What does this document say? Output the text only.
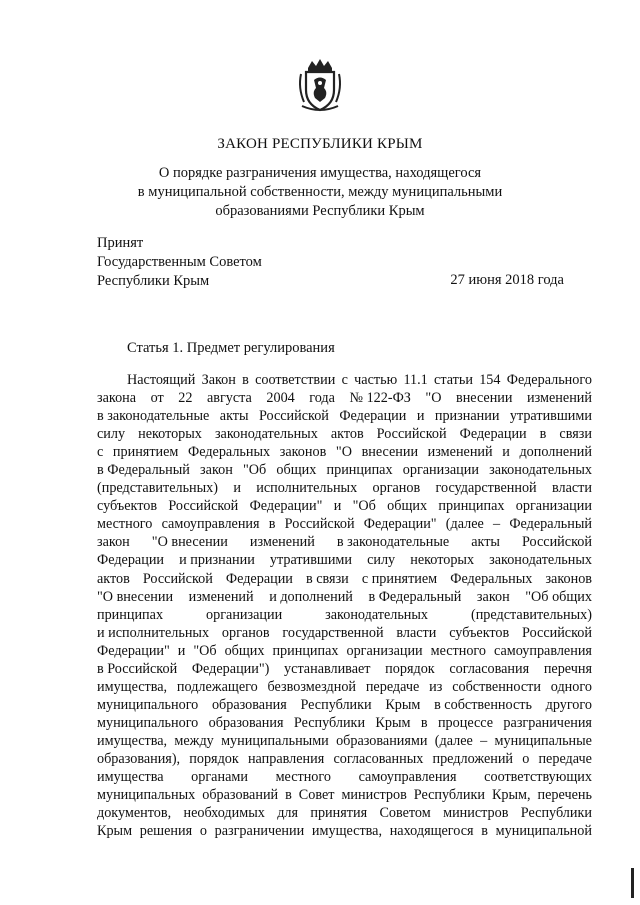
ЗАКОН РЕСПУБЛИКИ КРЫМ
О порядке разграничения имущества, находящегося
в муниципальной собственности, между муниципальными
образованиями Республики Крым
Принят
Государственным Советом
Республики Крым	27 июня 2018 года
Статья 1. Предмет регулирования
Настоящий Закон в соответствии с частью 11.1 статьи 154 Федерального
закона от 22 августа 2004 года № 122-ФЗ "О внесении изменений
в законодательные акты Российской Федерации и признании утратившими
силу некоторых законодательных актов Российской Федерации в связи
с принятием Федеральных законов "О внесении изменений и дополнений
в Федеральный закон "Об общих принципах организации законодательных
(представительных) и исполнительных органов государственной власти
субъектов Российской Федерации" и "Об общих принципах организации
местного самоуправления в Российской Федерации" (далее – Федеральный
закон "О внесении изменений в законодательные акты Российской
Федерации и признании утратившими силу некоторых законодательных
актов Российской Федерации в связи с принятием Федеральных законов
"О внесении изменений и дополнений в Федеральный закон "Об общих
принципах	организации	законодательных	(представительных)
и исполнительных органов государственной власти субъектов Российской
Федерации" и "Об общих принципах организации местного самоуправления
в Российской Федерации") устанавливает порядок согласования перечня
имущества, подлежащего безвозмездной передаче из собственности одного
муниципального образования Республики Крым в собственность другого
муниципального образования Республики Крым в процессе разграничения
имущества, между муниципальными образованиями (далее – муниципальные
образования), порядок направления согласованных предложений о передаче
имущества органами местного самоуправления соответствующих
муниципальных образований в Совет министров Республики Крым, перечень
документов, необходимых для принятия Советом министров Республики
Крым решения о разграничении имущества, находящегося в муниципальной
